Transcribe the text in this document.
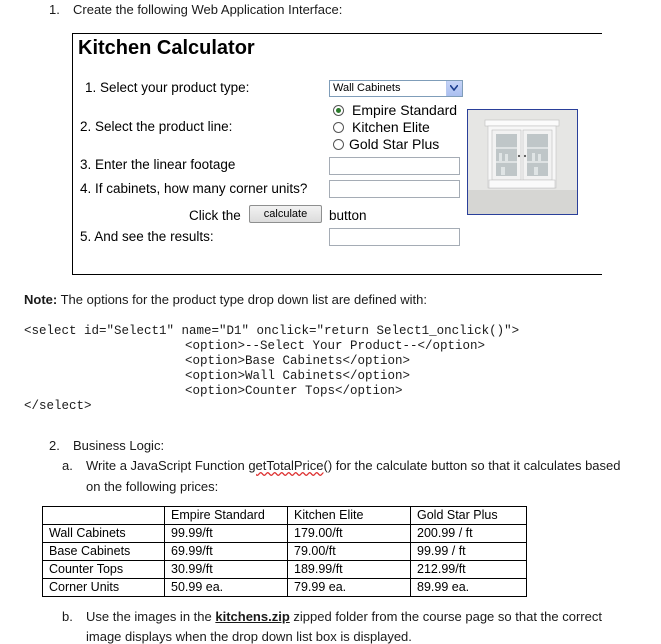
1. Create the following Web Application Interface:
Kitchen Calculator
1. Select your product type:	Wall Cabinets
2. Select the product line:
Empire Standard
Kitchen Elite
Gold Star Plus
3. Enter the linear footage
4. If cabinets, how many corner units?
Click the	calculate	button
5. And see the results:
Note: The options for the product type drop down list are defined with:
<select id="Select1" name="D1" onclick="return Select1_onclick()">
<option>--Select Your Product--</option>
<option>Base Cabinets</option>
<option>Wall Cabinets</option>
<option>Counter Tops</option>
</select>
2. Business Logic:
a. Write a JavaScript Function getTotalPrice() for the calculate button so that it calculates based
on the following prices:
	Empire Standard	Kitchen Elite	Gold Star Plus
Wall Cabinets	99.99/ft	179.00/ft	200.99 / ft
Base Cabinets	69.99/ft	79.00/ft	99.99 / ft
Counter Tops	30.99/ft	189.99/ft	212.99/ft
Corner Units	50.99 ea.	79.99 ea.	89.99 ea.
b. Use the images in the kitchens.zip zipped folder from the course page so that the correct
image displays when the drop down list box is displayed.
